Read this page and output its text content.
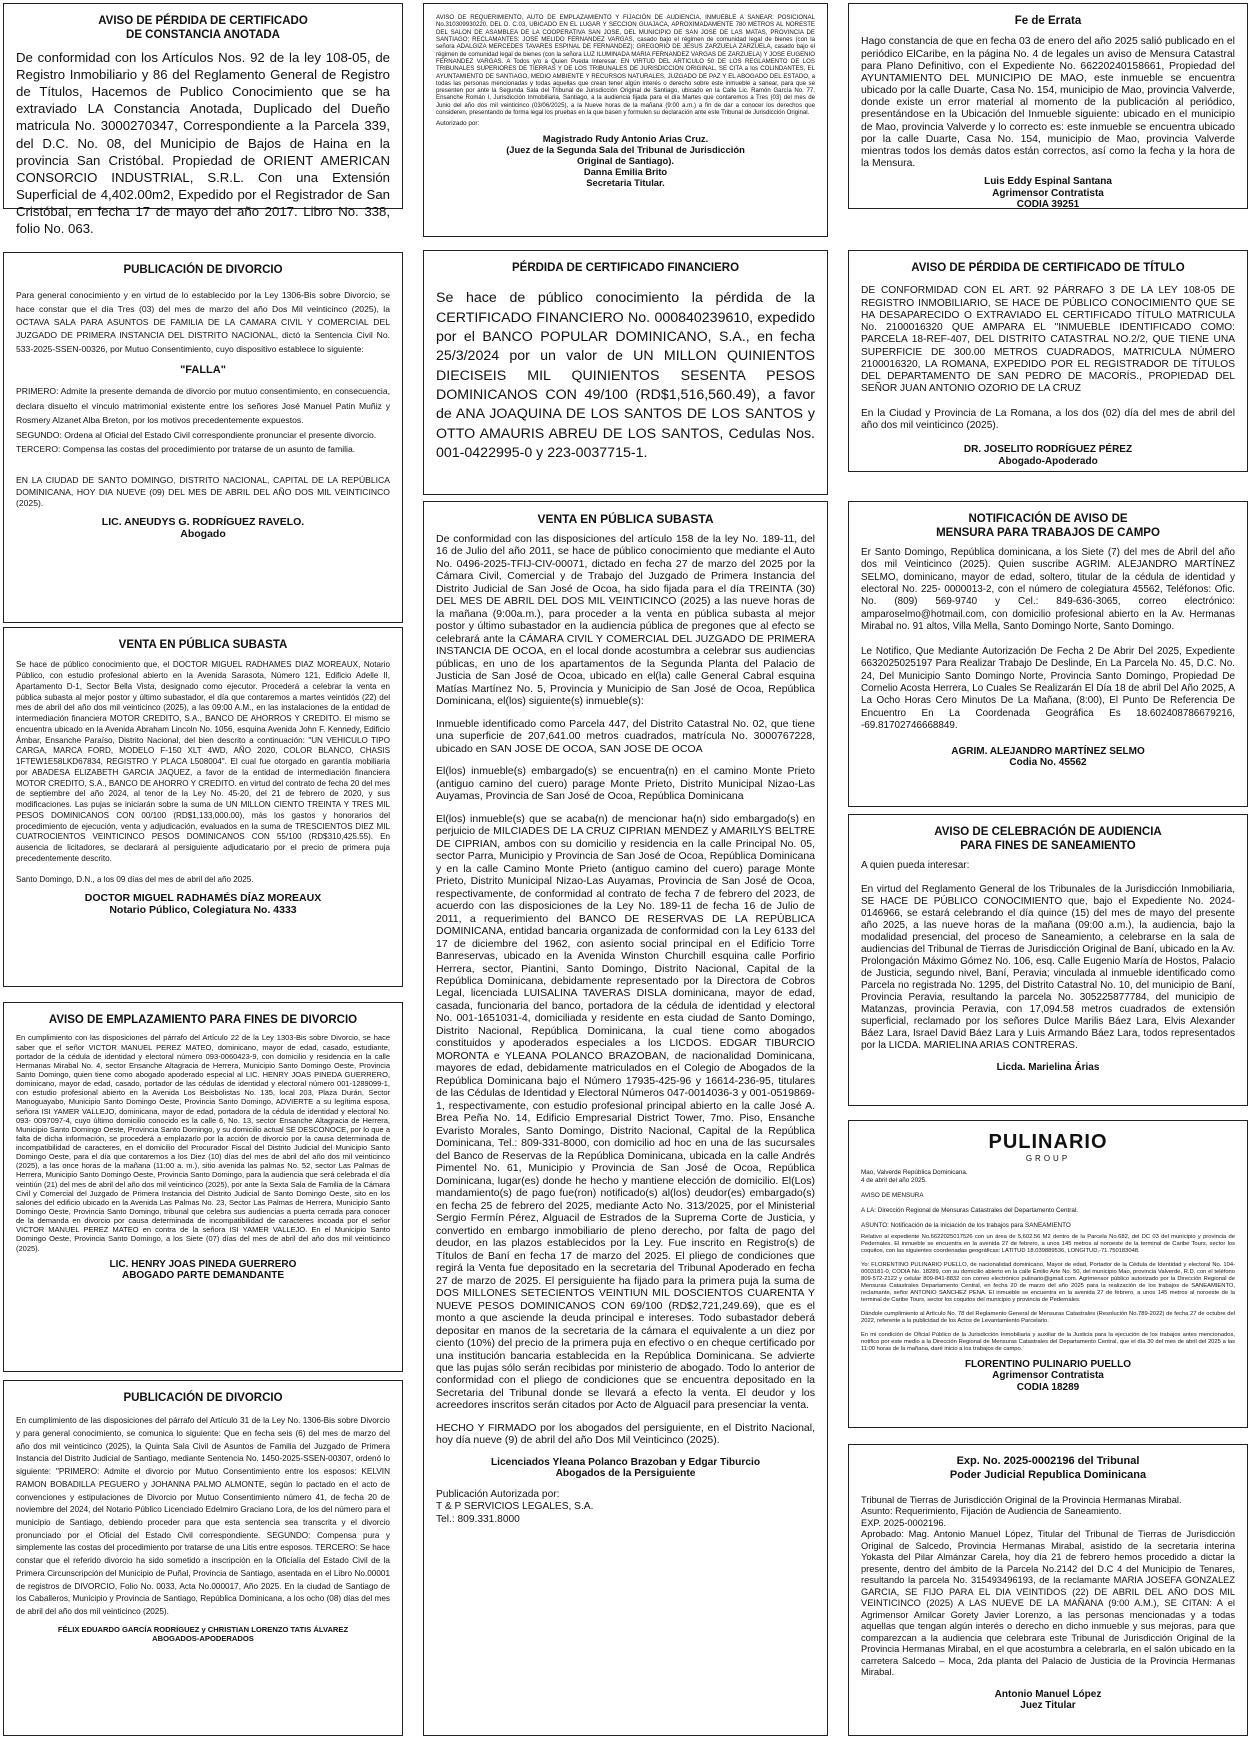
AVISO DE PÉRDIDA DE CERTIFICADO
DE CONSTANCIA ANOTADA

De conformidad con los Artículos Nos. 92 de la ley 108-05, de Registro Inmobiliario y 86 del Reglamento General de Registro de Títulos, Hacemos de Publico Conocimiento que se ha extraviado LA Constancia Anotada, Duplicado del Dueño matricula No. 3000270347, Correspondiente a la Parcela 339, del D.C. No. 08, del Municipio de Bajos de Haina en la provincia San Cristóbal. Propiedad de ORIENT AMERICAN CONSORCIO INDUSTRIAL, S.R.L. Con una Extensión Superficial de 4,402.00m2, Expedido por el Registrador de San Cristóbal, en fecha 17 de mayo del año 2017. Libro No. 338, folio No. 063.

PUBLICACIÓN DE DIVORCIO

Para general conocimiento y en virtud de lo establecido por la Ley 1306-Bis sobre Divorcio, se hace constar que el día Tres (03) del mes de marzo del año Dos Mil veinticinco (2025), la OCTAVA SALA PARA ASUNTOS DE FAMILIA DE LA CAMARA CIVIL Y COMERCIAL DEL JUZGADO DE PRIMERA INSTANCIA DEL DISTRITO NACIONAL, dictó la Sentencia Civil No. 533-2025-SSEN-00326, por Mutuo Consentimiento, cuyo dispositivo establece lo siguiente:

"FALLA"

PRIMERO: Admite la presente demanda de divorcio por mutuo consentimiento, en consecuencia, declara disuelto el vínculo matrimonial existente entre los señores José Manuel Patin Muñiz y Rosmery Alzanet Alba Breton, por los motivos precedentemente expuestos.
SEGUNDO: Ordena al Oficial del Estado Civil correspondiente pronunciar el presente divorcio.
TERCERO: Compensa las costas del procedimiento por tratarse de un asunto de familia.

EN LA CIUDAD DE SANTO DOMINGO, DISTRITO NACIONAL, CAPITAL DE LA REPÚBLICA DOMINICANA, HOY DIA NUEVE (09) DEL MES DE ABRIL DEL AÑO DOS MIL VEINTICINCO (2025).

LIC. ANEUDYS G. RODRÍGUEZ RAVELO.
Abogado

VENTA EN PÚBLICA SUBASTA

Se hace de público conocimiento que, el DOCTOR MIGUEL RADHAMES DIAZ MOREAUX, Notario Público, con estudio profesional abierto en la Avenida Sarasota, Número 121, Edificio Adelle II, Apartamento D-1, Sector Bella Vista, designado como ejecutor. Procederá a celebrar la venta en pública subasta al mejor postor y último subastador, el día que contaremos a martes veintidós (22) del mes de abril del año dos mil veinticinco (2025), a las 09:00 A.M., en las instalaciones de la entidad de intermediación financiera MOTOR CREDITO, S.A., BANCO DE AHORROS Y CREDITO. El mismo se encuentra ubicado en la Avenida Abraham Lincoln No. 1056, esquina Avenida John F. Kennedy, Edificio Ámbar, Ensanche Paraíso, Distrito Nacional, del bien descrito a continuación: "UN VEHICULO TIPO CARGA, MARCA FORD, MODELO F-150 XLT 4WD, AÑO 2020, COLOR BLANCO, CHASIS 1FTEW1E58LKD67834, REGISTRO Y PLACA L508004". El cual fue otorgado en garantía mobiliaria por ABADESA ELIZABETH GARCIA JAQUEZ, a favor de la entidad de intermediación financiera MOTOR CREDITO, S.A., BANCO DE AHORRO Y CREDITO. en virtud del contrato de fecha 20 del mes de septiembre del año 2024, al tenor de la Ley No. 45-20, del 21 de febrero de 2020, y sus modificaciones. Las pujas se iniciarán sobre la suma de UN MILLON CIENTO TREINTA Y TRES MIL PESOS DOMINICANOS CON 00/100 (RD$1,133,000.00), más los gastos y honorarios del procedimiento de ejecución, venta y adjudicación, evaluados en la suma de TRESCIENTOS DIEZ MIL CUATROCIENTOS VEINTICINCO PESOS DOMINICANOS CON 55/100 (RD$310,425.55). En ausencia de licitadores, se declarará al persiguiente adjudicatario por el precio de primera puja precedentemente descrito.

Santo Domingo, D.N., a los 09 días del mes de abril del año 2025.

DOCTOR MIGUEL RADHAMÉS DÍAZ MOREAUX
Notario Público, Colegiatura No. 4333

AVISO DE EMPLAZAMIENTO PARA FINES DE DIVORCIO

En cumplimiento con las disposiciones del párrafo del Artículo 22 de la Ley 1303-Bis sobre Divorcio, se hace saber que el señor VICTOR MANUEL PEREZ MATEO, dominicano, mayor de edad, casado, estudiante, portador de la cédula de identidad y electoral número 093-0060423-9, con domicilio y residencia en la calle Hermanas Mirabal No. 4, sector Ensanche Altagracia de Herrera, Municipio Santo Domingo Oeste, Provincia Santo Domingo, quien tiene como abogado apoderado especial al LIC. HENRY JOAS PINEDA GUERRERO, dominicano, mayor de edad, casado, portador de las cédulas de identidad y electoral número 001-1289099-1, con estudio profesional abierto en la Avenida Los Beisbolistas No. 135, local 203, Plaza Durán, Sector Manoguayabo, Municipio Santo Domingo Oeste, Provincia Santo Domingo, ADVIERTE a su legítima esposa, señora ISI YAMER VALLEJO, dominicana, mayor de edad, portadora de la cédula de identidad y electoral No. 093- 0097097-4, cuyo último domicilio conocido es la calle 6, No. 13, sector Ensanche Altagracia de Herrera, Municipio Santo Domingo Oeste, Provincia Santo Domingo, y su domicilio actual SE DESCONOCE, por lo que a falta de dicha información, se procederá a emplazarlo por la acción de divorcio por la causa determinada de incompatibilidad de caracteres, en el domicilio del Procurador Fiscal del Distrito Judicial del Municipio Santo Domingo Oeste, para el día que contaremos a los Diez (10) días del mes de abril del año dos mil veinticinco (2025), a las once horas de la mañana (11:00 a. m.), sitio avenida las palmas No. 52, sector Las Palmas de Herrera, Municipio Santo Domingo Oeste, Provincia Santo Domingo, para la audiencia que será celebrada el día veintiún (21) del mes de abril del año dos mil veinticinco (2025), por ante la Sexta Sala de Familia de la Cámara Civil y Comercial del Juzgado de Primera Instancia del Distrito Judicial de Santo Domingo Oeste, sito en los salones del edificio ubicado en la Avenida Las Palmas No. 23, Sector Las Palmas de Herrera, Municipio Santo Domingo Oeste, Provincia Santo Domingo, tribunal que celebra sus audiencias a puerta cerrada para conocer de la demanda en divorcio por causa determinada de incompatibilidad de caracteres incoada por el señor VICTOR MANUEL PEREZ MATEO en contra de la señora ISI YAMER VALLEJO. En el Municipio Santo Domingo Oeste, Provincia Santo Domingo, a los Siete (07) días del mes de abril del año dos mil veinticinco (2025).

LIC. HENRY JOAS PINEDA GUERRERO
ABOGADO PARTE DEMANDANTE

PUBLICACIÓN DE DIVORCIO

En cumplimiento de las disposiciones del párrafo del Artículo 31 de la Ley No. 1306-Bis sobre Divorcio y para general conocimiento, se comunica lo siguiente: Que en fecha seis (6) del mes de marzo del año dos mil veinticinco (2025), la Quinta Sala Civil de Asuntos de Familia del Juzgado de Primera Instancia del Distrito Judicial de Santiago, mediante Sentencia No. 1450-2025-SSEN-00307, ordenó lo siguiente: "PRIMERO: Admite el divorcio por Mutuo Consentimiento entre los esposos: KELVIN RAMON BOBADILLA PEGUERO y JOHANNA PALMO ALMONTE, según lo pactado en el acto de convenciones y estipulaciones de Divorcio por Mutuo Consentimiento número 41, de fecha 20 de noviembre del 2024, del Notario Público Licenciado Edelmiro Graciano Lora, de los del número para el municipio de Santiago, debiendo proceder para que esta sentencia sea transcrita y el divorcio pronunciado por el Oficial del Estado Civil correspondiente. SEGUNDO: Compensa pura y simplemente las costas del procedimiento por tratarse de una Litis entre esposos. TERCERO: Se hace constar que el referido divorcio ha sido sometido a inscripción en la Oficialía del Estado Civil de la Primera Circunscripción del Municipio de Puñal, Provincia de Santiago, asentada en el Libro No.00001 de registros de DIVORCIO, Folio No. 0033, Acta No.000017, Año 2025. En la ciudad de Santiago de los Caballeros, Municipio y Provincia de Santiago, República Dominicana, a los ocho (08) días del mes de abril del año dos mil veinticinco (2025).

FÉLIX EDUARDO GARCÍA RODRÍGUEZ y CHRISTIAN LORENZO TATIS ÁLVAREZ
ABOGADOS-APODERADOS

AVISO DE REQUERIMIENTO, AUTO DE EMPLAZAMIENTO Y FIJACIÓN DE AUDIENCIA, INMUEBLE A SANEAR: POSICIONAL No.310309930220, DEL D. C.03, UBICADO EN EL LUGAR Y SECCION GUAJACA, APROXIMADAMENTE 780 METROS AL NORESTE DEL SALON DE ASAMBLEA DE LA COOPERATIVA SAN JOSE, DEL MUNICIPIO DE SAN JOSE DE LAS MATAS, PROVINCIA DE SANTIAGO; RECLAMANTES: JOSE MELIDO FERNANDEZ VARGAS, casado bajo el régimen de comunidad legal de bienes (con la señora ADALGIZA MERCEDES TAVARES ESPINAL DE FERNANDEZ); GREGORIO DE JESUS ZARZUELA ZARZUELA, casado bajo el régimen de comunidad legal de bienes (con la señora LUZ ILUMINADA MARIA FERNANDEZ VARGAS DE ZARZUELA) Y JOSE EUGENIO FERNANDEZ VARGAS. A Todos y/o a Quien Pueda Interesar. EN VIRTUD DEL ARTICULO 50 DE LOS REGLAMENTO DE LOS TRIBUNALES SUPERIORES DE TIERRAS Y DE LOS TRIBUNALES DE JURISDICCION ORIGINAL, SE CITA a los COLINDANTES, EL AYUNTAMIENTO DE SANTIAGO, MEDIO AMBIENTE Y RECURSOS NATURALES, JUZGADO DE PAZ Y EL ABOGADO DEL ESTADO, a todas las personas mencionadas y todas aquellas que crean tener algún interés o derecho sobre este inmueble a sanear, para que se presenten por ante la Segunda Sala del Tribunal de Jurisdicción Original de Santiago, ubicado en la Calle Lic. Ramón García No. 77, Ensanche Román I, Jurisdicción Inmobiliaria, Santiago, a la audiencia fijada para el día Martes que contaremos a Tres (03) del mes de Junio del año dos mil veinticinco (03/06/2025), a la Nueve horas de la mañana (9:00 a.m.) a fin de dar a conocer los derechos que consideren, presentando de forma legal los pruebas en la que basen y formulen su declaración ante este Tribunal de Jurisdicción Original.

Autorizado por:

Magistrado Rudy Antonio Arias Cruz.
(Juez de la Segunda Sala del Tribunal de Jurisdicción
Original de Santiago).
Danna Emilia Brito
Secretaria Titular.

PÉRDIDA DE CERTIFICADO FINANCIERO

Se hace de público conocimiento la pérdida de la CERTIFICADO FINANCIERO No. 000840239610, expedido por el BANCO POPULAR DOMINICANO, S.A., en fecha 25/3/2024 por un valor de UN MILLON QUINIENTOS DIECISEIS MIL QUINIENTOS SESENTA PESOS DOMINICANOS CON 49/100 (RD$1,516,560.49), a favor de ANA JOAQUINA DE LOS SANTOS DE LOS SANTOS y OTTO AMAURIS ABREU DE LOS SANTOS, Cedulas Nos. 001-0422995-0 y 223-0037715-1.

VENTA EN PÚBLICA SUBASTA

De conformidad con las disposiciones del artículo 158 de la ley No. 189-11, del 16 de Julio del año 2011, se hace de público conocimiento que mediante el Auto No. 0496-2025-TFIJ-CIV-00071, dictado en fecha 27 de marzo del 2025 por la Cámara Civil, Comercial y de Trabajo del Juzgado de Primera Instancia del Distrito Judicial de San José de Ocoa, ha sido fijada para el día TREINTA (30) DEL MES DE ABRIL DEL DOS MIL VEINTICINCO (2025) a las nueve horas de la mañana (9:00a.m.), para proceder a la venta en pública subasta al mejor postor y último subastador en la audiencia pública de pregones que al efecto se celebrará ante la CÁMARA CIVIL Y COMERCIAL DEL JUZGADO DE PRIMERA INSTANCIA DE OCOA, en el local donde acostumbra a celebrar sus audiencias públicas, en uno de los apartamentos de la Segunda Planta del Palacio de Justicia de San José de Ocoa, ubicado en el(la) calle General Cabral esquina Matías Martínez No. 5, Provincia y Municipio de San José de Ocoa, República Dominicana, el(los) siguiente(s) inmueble(s):

Inmueble identificado como Parcela 447, del Distrito Catastral No. 02, que tiene una superficie de 207,641.00 metros cuadrados, matrícula No. 3000767228, ubicado en SAN JOSE DE OCOA, SAN JOSE DE OCOA

El(los) inmueble(s) embargado(s) se encuentra(n) en el camino Monte Prieto (antiguo camino del cuero) parage Monte Prieto, Distrito Municipal Nizao-Las Auyamas, Provincia de San José de Ocoa, República Dominicana

El(los) inmueble(s) que se acaba(n) de mencionar ha(n) sido embargado(s) en perjuicio de MILCIADES DE LA CRUZ CIPRIAN MENDEZ y AMARILYS BELTRE DE CIPRIAN, ambos con su domicilio y residencia en la calle Principal No. 05, sector Parra, Municipio y Provincia de San José de Ocoa, República Dominicana y en la calle Camino Monte Prieto (antiguo camino del cuero) parage Monte Prieto, Distrito Municipal Nizao-Las Auyamas, Provincia de San José de Ocoa, respectivamente, de conformidad al contrato de fecha 7 de febrero del 2023, de acuerdo con las disposiciones de la Ley No. 189-11 de fecha 16 de Julio de 2011, a requerimiento del BANCO DE RESERVAS DE LA REPÚBLICA DOMINICANA, entidad bancaria organizada de conformidad con la Ley 6133 del 17 de diciembre del 1962, con asiento social principal en el Edificio Torre Banreservas, ubicado en la Avenida Winston Churchill esquina calle Porfirio Herrera, sector, Piantini, Santo Domingo, Distrito Nacional, Capital de la República Dominicana, debidamente representado por la Directora de Cobros Legal, licenciada LUISALINA TAVERAS DISLA dominicana, mayor de edad, casada, funcionaria del banco, portadora de la cédula de identidad y electoral No. 001-1651031-4, domiciliada y residente en esta ciudad de Santo Domingo, Distrito Nacional, República Dominicana, la cual tiene como abogados constituidos y apoderados especiales a los LICDOS. EDGAR TIBURCIO MORONTA e YLEANA POLANCO BRAZOBAN, de nacionalidad Dominicana, mayores de edad, debidamente matriculados en el Colegio de Abogados de la República Dominicana bajo el Número 17935-425-96 y 16614-236-95, titulares de las Cédulas de Identidad y Electoral Números 047-0014036-3 y 001-0519869-1, respectivamente, con estudio profesional principal abierto en la calle José A. Brea Peña No. 14, Edificio Empresarial District Tower, 7mo. Piso, Ensanche Evaristo Morales, Santo Domingo, Distrito Nacional, Capital de la República Dominicana, Tel.: 809-331-8000, con domicilio ad hoc en una de las sucursales del Banco de Reservas de la República Dominicana, ubicada en la calle Andrés Pimentel No. 61, Municipio y Provincia de San José de Ocoa, República Dominicana, lugar(es) donde he hecho y mantiene elección de domicilio. El(Los) mandamiento(s) de pago fue(ron) notificado(s) al(los) deudor(es) embargado(s) en fecha 25 de febrero del 2025, mediante Acto No. 313/2025, por el Ministerial Sergio Fermín Pérez, Alguacil de Estrados de la Suprema Corte de Justicia, y convertido en embargo inmobiliario de pleno derecho, por falta de pago del deudor, en las plazos establecidos por la Ley. Fue inscrito en Registro(s) de Títulos de Baní en fecha 17 de marzo del 2025. El pliego de condiciones que regirá la Venta fue depositado en la secretaria del Tribunal Apoderado en fecha 27 de marzo de 2025. El persiguiente ha fijado para la primera puja la suma de DOS MILLONES SETECIENTOS VEINTIUN MIL DOSCIENTOS CUARENTA Y NUEVE PESOS DOMINICANOS CON 69/100 (RD$2,721,249.69), que es el monto a que asciende la deuda principal e intereses. Todo subastador deberá depositar en manos de la secretaria de la cámara el equivalente a un diez por ciento (10%) del precio de la primera puja en efectivo o en cheque certificado por una institución bancaria establecida en la República Dominicana. Se advierte que las pujas sólo serán recibidas por ministerio de abogado. Todo lo anterior de conformidad con el pliego de condiciones que se encuentra depositado en la Secretaria del Tribunal donde se llevará a efecto la venta. El deudor y los acreedores inscritos serán citados por Acto de Alguacil para presenciar la venta.

HECHO Y FIRMADO por los abogados del persiguiente, en el Distrito Nacional, hoy día nueve (9) de abril del año Dos Mil Veinticinco (2025).

Licenciados Yleana Polanco Brazoban y Edgar Tiburcio
Abogados de la Persiguiente

Publicación Autorizada por:
T & P SERVICIOS LEGALES, S.A.
Tel.: 809.331.8000

Fe de Errata

Hago constancia de que en fecha 03 de enero del año 2025 salió publicado en el periódico ElCaribe, en la página No. 4 de legales un aviso de Mensura Catastral para Plano Definitivo, con el Expediente No. 66220240158661, Propiedad del AYUNTAMIENTO DEL MUNICIPIO DE MAO, este inmueble se encuentra ubicado por la calle Duarte, Casa No. 154, municipio de Mao, provincia Valverde, donde existe un error material al momento de la publicación al periódico, presentándose en la Ubicación del Inmueble siguiente: ubicado en el municipio de Mao, provincia Valverde y lo correcto es: este inmueble se encuentra ubicado por la calle Duarte, Casa No. 154, municipio de Mao, provincia Valverde mientras todos los demás datos están correctos, así como la fecha y la hora de la Mensura.

Luis Eddy Espinal Santana
Agrimensor Contratista
CODIA 39251

AVISO DE PÉRDIDA DE CERTIFICADO DE TÍTULO

DE CONFORMIDAD CON EL ART. 92 PÁRRAFO 3 DE LA LEY 108-05 DE REGISTRO INMOBILIARIO, SE HACE DE PÚBLICO CONOCIMIENTO QUE SE HA DESAPARECIDO O EXTRAVIADO EL CERTIFICADO TÍTULO MATRICULA No. 2100016320 QUE AMPARA EL "INMUEBLE IDENTIFICADO COMO: PARCELA 18-REF-407, DEL DISTRITO CATASTRAL NO.2/2, QUE TIENE UNA SUPERFICIE DE 300.00 METROS CUADRADOS, MATRICULA NÚMERO 2100016320, LA ROMANA, EXPEDIDO POR EL REGISTRADOR DE TÍTULOS DEL DEPARTAMENTO DE SAN PEDRO DE MACORÍS., PROPIEDAD DEL SEÑOR JUAN ANTONIO OZORIO DE LA CRUZ

En la Ciudad y Provincia de La Romana, a los dos (02) día del mes de abril del año dos mil veinticinco (2025).

DR. JOSELITO RODRÍGUEZ PÉREZ
Abogado-Apoderado

NOTIFICACIÓN DE AVISO DE
MENSURA PARA TRABAJOS DE CAMPO

Er Santo Domingo, República dominicana, a los Siete (7) del mes de Abril del año dos mil Veinticinco (2025). Quien suscribe AGRIM. ALEJANDRO MARTÍNEZ SELMO, dominicano, mayor de edad, soltero, titular de la cédula de identidad y electoral No. 225- 0000013-2, con el número de colegiatura 45562, Teléfonos: Ofic. No. (809) 569-9740 y Cel.: 849-636-3065, correo electrónico: amparoselmo@hotmail.com, con domicilio profesional abierto en la Av. Hermanas Mirabal no. 91 altos, Villa Mella, Santo Domingo Norte, Santo Domingo.

Le Notifico, Que Mediante Autorización De Fecha 2 De Abrir Del 2025, Expediente 6632025025197 Para Realizar Trabajo De Deslinde, En La Parcela No. 45, D.C. No. 24, Del Municipio Santo Domingo Norte, Provincia Santo Domingo, Propiedad De Cornelio Acosta Herrera, Lo Cuales Se Realizarán El Día 18 de abril Del Año 2025, A La Ocho Horas Cero Minutos De La Mañana, (8:00), El Punto De Referencia De Encuentro En La Coordenada Geográfica Es 18.602408786679216, -69.81702746668849.

AGRIM. ALEJANDRO MARTÍNEZ SELMO
Codia No. 45562

AVISO DE CELEBRACIÓN DE AUDIENCIA
PARA FINES DE SANEAMIENTO

A quien pueda interesar:

En virtud del Reglamento General de los Tribunales de la Jurisdicción Inmobiliaria, SE HACE DE PÚBLICO CONOCIMIENTO que, bajo el Expediente No. 2024-0146966, se estará celebrando el día quince (15) del mes de mayo del presente año 2025, a las nueve horas de la mañana (09:00 a.m.), la audiencia, bajo la modalidad presencial, del proceso de Saneamiento, a celebrarse en la sala de audiencias del Tribunal de Tierras de Jurisdicción Original de Baní, ubicado en la Av. Prolongación Máximo Gómez No. 106, esq. Calle Eugenio María de Hostos, Palacio de Justicia, segundo nivel, Baní, Peravia; vinculada al inmueble identificado como Parcela no registrada No. 1295, del Distrito Catastral No. 10, del municipio de Baní, Provincia Peravia, resultando la parcela No. 305225877784, del municipio de Matanzas, provincia Peravia, con 17,094.58 metros cuadrados de extensión superficial, reclamado por los señores Dulce Marilis Báez Lara, Elvis Alexander Báez Lara, Israel David Báez Lara y Luis Armando Báez Lara, todos representados por la LICDA. MARIELINA ARIAS CONTRERAS.

Licda. Marielina Árias

PULINARIO

GROUP

Mao, Valverde República Dominicana.
4 de abril del año 2025.

AVISO DE MENSURA

A LA: Dirección Regional de Mensuras Catastrales del Departamento Central.

ASUNTO: Notificación de la iniciación de los trabajos para SANEAMIENTO

Relativo al expediente No.6622025017526 con un área de 5,602.56 M2 dentro de la Parcela No.682, del DC 03 del municipio y provincia de Pedernales. El inmueble se encuentra en la avenida 27 de febrero, a unos 145 metros al noroeste de la terminal de Caribe Tours, sector los coquitos, con las siguientes coordenadas geográficas: LATITUD 18.039889536, LONGITUD,-71.750183048.

Yo: FLORENTINO PULINARIO PUELLO, de nacionalidad dominicano, Mayor de edad, Portador de la Cédula de Identidad y electoral No. 104-0003181-0, CODIA No. 18289, con su domicilio abierto en la calle Emilio Arte No. 50, del municipio Mao, provincia Valverde, R.D. con el teléfono 809-572-2122 y celular 809-841-8832 con correo electrónico pulinario@gmail.com. Agrimensor público autorizado por la Dirección Regional de Mensuras Catastrales Departamento Central, en fecha 20 de marzo del año 2025 para la realización de los trabajos de SANEAMIENTO, reclamante, señor ANTONIO SANCHEZ PENA. El inmueble se encuentra en la avenida 27 de febrero, a unos 145 metros al noroeste de la terminal de Caribe Tours, sector los coquitos del municipio y provincia de Pedernales.

Dándole cumplimiento al Artículo No. 78 del Reglamento General de Mensuras Catastrales (Resolución No.789-2022) de fecha 27 de octubre del 2022, referente a la publicidad de los Actos de Levantamiento Parcelario.

En mi condición de Oficial Público de la Jurisdicción Inmobiliaria y auxiliar de la Justicia para la ejecución de los trabajos antes mencionados, notifico por este medio a la Dirección Regional de Mensuras Catastrales del Departamento Central, que el día 30 del mes de abril del 2025 a las 11:00 horas de la mañana, daré inicio a los trabajos de campo.

FLORENTINO PULINARIO PUELLO
Agrimensor Contratista
CODIA 18289

Exp. No. 2025-0002196 del Tribunal
Poder Judicial Republica Dominicana

Tribunal de Tierras de Jurisdicción Original de la Provincia Hermanas Mirabal.
Asunto: Requerimiento, Fijación de Audiencia de Saneamiento.
EXP. 2025-0002196.
Aprobado: Mag. Antonio Manuel López, Titular del Tribunal de Tierras de Jurisdicción Original de Salcedo, Provincia Hermanas Mirabal, asistido de la secretaria interina Yokasta del Pilar Almánzar Carela, hoy día 21 de febrero hemos procedido a dictar la presente, dentro del ámbito de la Parcela No.2142 del D.C 4 del Municipio de Tenares, resultando la parcela No. 315493496193, de la reclamante MARIA JOSEFA GONZALEZ GARCIA, SE FIJO PARA EL DIA VEINTIDOS (22) DE ABRIL DEL AÑO DOS MIL VEINTICINCO (2025) A LAS NUEVE DE LA MAÑANA (9:00 A.M.), SE CITAN: A el Agrimensor Amilcar Gorety Javier Lorenzo, a las personas mencionadas y a todas aquellas que tengan algún interés o derecho en dicho inmueble y sus mejoras, para que comparezcan a la audiencia que celebrara este Tribunal de Jurisdicción Original de la Provincia Hermanas Mirabal, en el que acostumbra a celebrarla, en el salón ubicado en la carretera Salcedo – Moca, 2da planta del Palacio de Justicia de la Provincia Hermanas Mirabal.

Antonio Manuel López
Juez Titular
